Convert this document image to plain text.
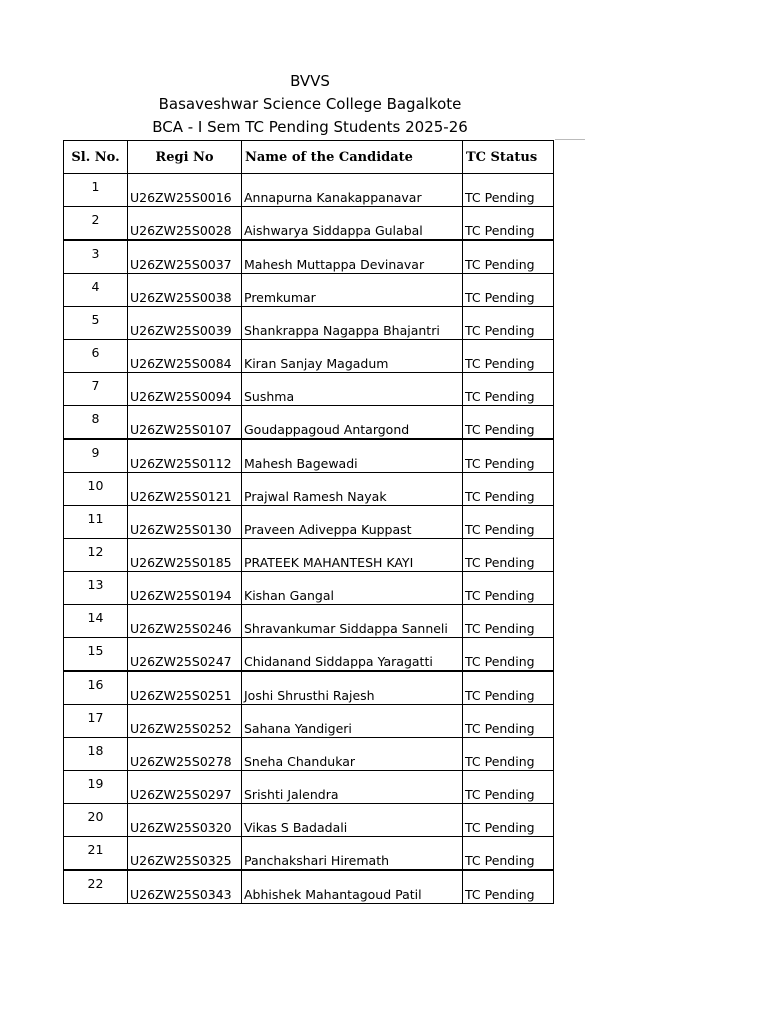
BVVS
Basaveshwar Science College Bagalkote
BCA - I Sem TC Pending Students 2025-26
Sl. No.	Regi No	Name of the Candidate	TC Status
1	U26ZW25S0016	Annapurna Kanakappanavar	TC Pending
2	U26ZW25S0028	Aishwarya Siddappa Gulabal	TC Pending
3	U26ZW25S0037	Mahesh Muttappa Devinavar	TC Pending
4	U26ZW25S0038	Premkumar	TC Pending
5	U26ZW25S0039	Shankrappa Nagappa Bhajantri	TC Pending
6	U26ZW25S0084	Kiran Sanjay Magadum	TC Pending
7	U26ZW25S0094	Sushma	TC Pending
8	U26ZW25S0107	Goudappagoud Antargond	TC Pending
9	U26ZW25S0112	Mahesh Bagewadi	TC Pending
10	U26ZW25S0121	Prajwal Ramesh Nayak	TC Pending
11	U26ZW25S0130	Praveen Adiveppa Kuppast	TC Pending
12	U26ZW25S0185	PRATEEK MAHANTESH KAYI	TC Pending
13	U26ZW25S0194	Kishan Gangal	TC Pending
14	U26ZW25S0246	Shravankumar Siddappa Sanneli	TC Pending
15	U26ZW25S0247	Chidanand Siddappa Yaragatti	TC Pending
16	U26ZW25S0251	Joshi Shrusthi Rajesh	TC Pending
17	U26ZW25S0252	Sahana Yandigeri	TC Pending
18	U26ZW25S0278	Sneha Chandukar	TC Pending
19	U26ZW25S0297	Srishti Jalendra	TC Pending
20	U26ZW25S0320	Vikas S Badadali	TC Pending
21	U26ZW25S0325	Panchakshari Hiremath	TC Pending
22	U26ZW25S0343	Abhishek Mahantagoud Patil	TC Pending
